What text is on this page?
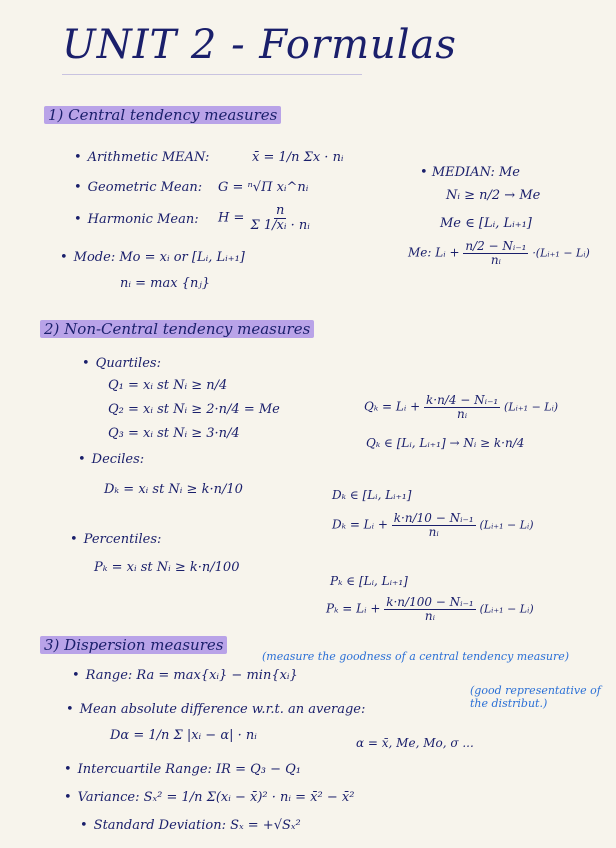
UNIT 2 - Formulas
1) Central tendency measures
• Arithmetic MEAN:	x̄ = 1/n Σx · nᵢ
• Geometric Mean: G = ⁿ√Π xᵢ^nᵢ
• Harmonic Mean: $H = \frac{n}{\text{Σ 1/xᵢ · nᵢ}}$
• Mode: Mo = xᵢ or [Lᵢ, Lᵢ₊₁]
nᵢ = max {nⱼ}
• MEDIAN: Me
Nᵢ ≥ n/2 → Me
Me ∈ [Lᵢ, Lᵢ₊₁]
Me: Lᵢ + $\frac{\text{n/2 − Nᵢ₋₁}}{\text{nᵢ}}$ ·(Lᵢ₊₁ − Lᵢ)
2) Non-Central tendency measures
• Quartiles:
Q₁ = xᵢ st Nᵢ ≥ n/4
Q₂ = xᵢ st Nᵢ ≥ 2·n/4 = Me
Q₃ = xᵢ st Nᵢ ≥ 3·n/4
Qₖ = Lᵢ + $\frac{\text{k·n/4 − Nᵢ₋₁}}{\text{nᵢ}}$ (Lᵢ₊₁ − Lᵢ)
Qₖ ∈ [Lᵢ, Lᵢ₊₁] → Nᵢ ≥ k·n/4
• Deciles:
Dₖ = xᵢ st Nᵢ ≥ k·n/10	Dₖ ∈ [Lᵢ, Lᵢ₊₁]
Dₖ = Lᵢ + $\frac{\text{k·n/10 − Nᵢ₋₁}}{\text{nᵢ}}$ (Lᵢ₊₁ − Lᵢ)
• Percentiles:
Pₖ = xᵢ st Nᵢ ≥ k·n/100
Pₖ ∈ [Lᵢ, Lᵢ₊₁]
Pₖ = Lᵢ + $\frac{\text{k·n/100 − Nᵢ₋₁}}{\text{nᵢ}}$ (Lᵢ₊₁ − Lᵢ)
3) Dispersion measures
(measure the goodness of a central tendency measure)
(good representative of the distribut.)
• Range: Ra = max{xᵢ} − min{xᵢ}
• Mean absolute difference w.r.t. an average:
Dα = 1/n Σ |xᵢ − α| · nᵢ	α = x̄, Me, Mo, σ ...
• Intercuartile Range: IR = Q₃ − Q₁
• Variance: Sₓ² = 1/n Σ(xᵢ − x̄)² · nᵢ = x̄² − x̄²
• Standard Deviation: Sₓ = +√Sₓ²
